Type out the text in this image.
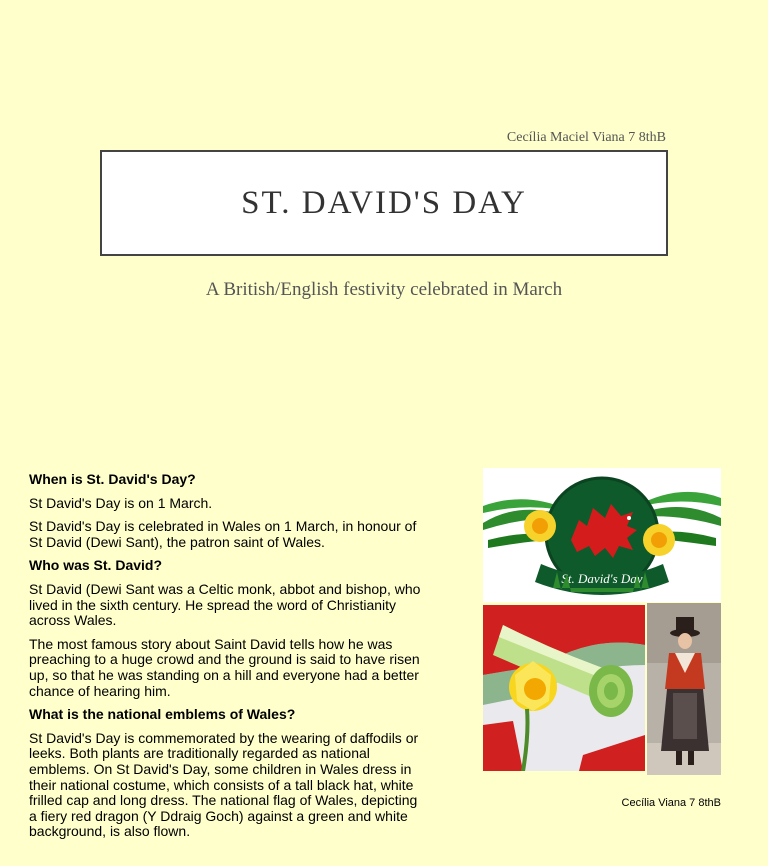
Cecília Maciel Viana 7 8thB
ST. DAVID'S DAY
A British/English festivity celebrated in March
When is St. David's Day?

St David's Day is on 1 March.

St David's Day is celebrated in Wales on 1 March, in honour of St David (Dewi Sant), the patron saint of Wales.

Who was St. David?

St David (Dewi Sant was a Celtic monk, abbot and bishop, who lived in the sixth century. He spread the word of Christianity across Wales.

The most famous story about Saint David tells how he was preaching to a huge crowd and the ground is said to have risen up, so that he was standing on a hill and everyone had a better chance of hearing him.

What is the national emblems of Wales?

St David's Day is commemorated by the wearing of daffodils or leeks. Both plants are traditionally regarded as national emblems. On St David's Day, some children in Wales dress in their national costume, which consists of a tall black hat, white frilled cap and long dress. The national flag of Wales, depicting a fiery red dragon (Y Ddraig Goch) against a green and white background, is also flown.

St. David's Day
Cecília Viana 7 8thB
